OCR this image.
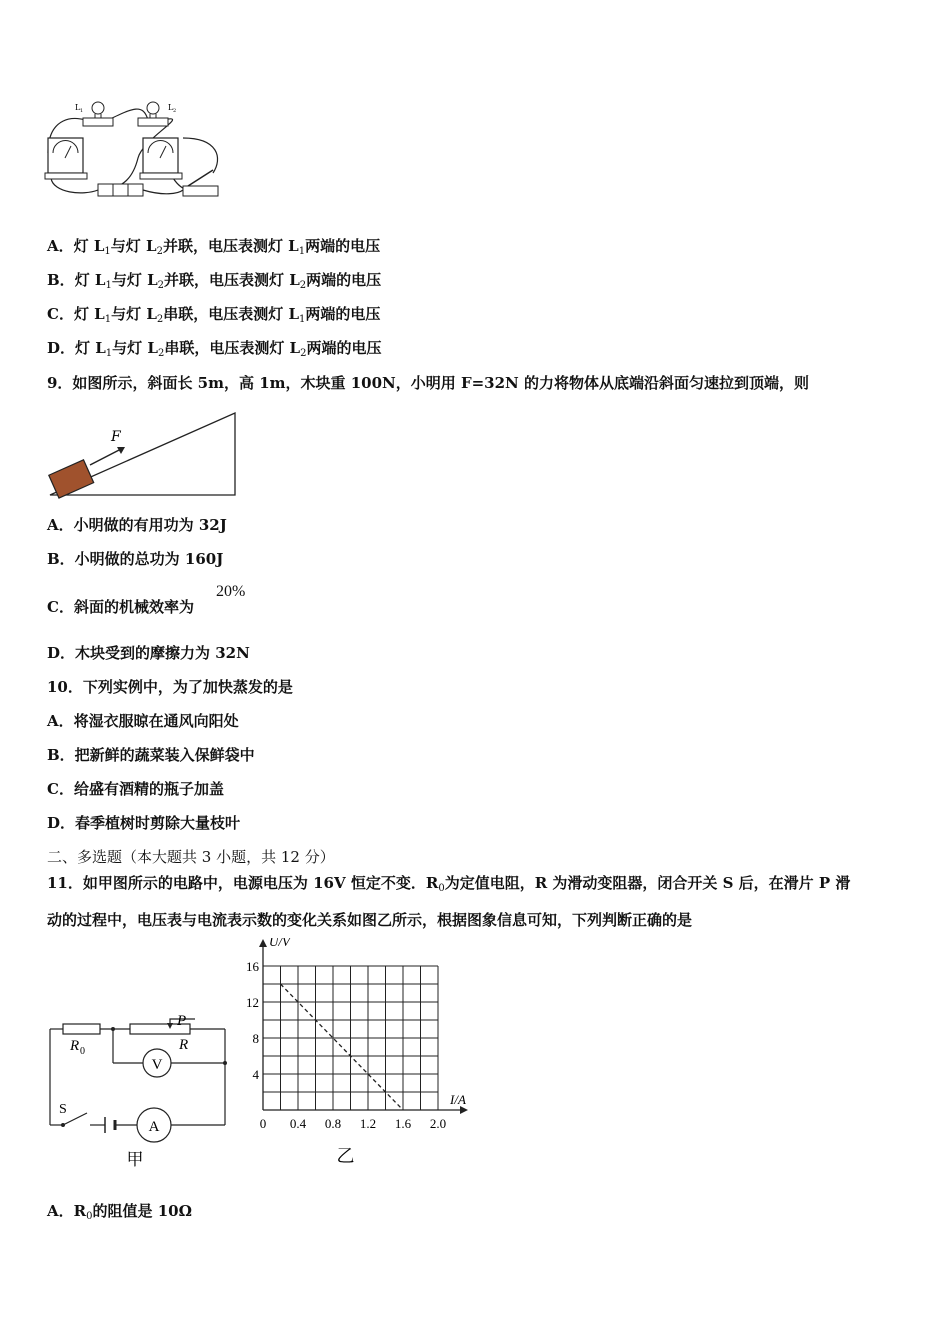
L 1	L 2
A．灯 $L_1$与灯 $L_2$并联，电压表测灯 $L_1$两端的电压
B．灯 $L_1$与灯 $L_2$并联，电压表测灯 $L_2$两端的电压
C．灯 $L_1$与灯 $L_2$串联，电压表测灯 $L_1$两端的电压
D．灯 $L_1$与灯 $L_2$串联，电压表测灯 $L_2$两端的电压
9．如图所示，斜面长 5m，高 1m，木块重 100N，小明用 F=32N 的力将物体从底端沿斜面匀速拉到顶端，则
F
A．小明做的有用功为 32J
B．小明做的总功为 160J
C．斜面的机械效率为
20%
D．木块受到的摩擦力为 32N
10．下列实例中，为了加快蒸发的是
A．将湿衣服晾在通风向阳处
B．把新鲜的蔬菜装入保鲜袋中
C．给盛有酒精的瓶子加盖
D．春季植树时剪除大量枝叶
二、多选题（本大题共 3 小题，共 12 分）
11．如甲图所示的电路中，电源电压为 16V 恒定不变．$R_0$为定值电阻，R 为滑动变阻器，闭合开关 S 后，在滑片 P 滑
动的过程中，电压表与电流表示数的变化关系如图乙所示，根据图象信息可知，下列判断正确的是
R 0
P
R
V
S
A
甲
0 0.4 0.8 1.2 1.6 2.0
4
8
12
16
U/V
I/A
乙
A．$R_0$的阻值是 10Ω
